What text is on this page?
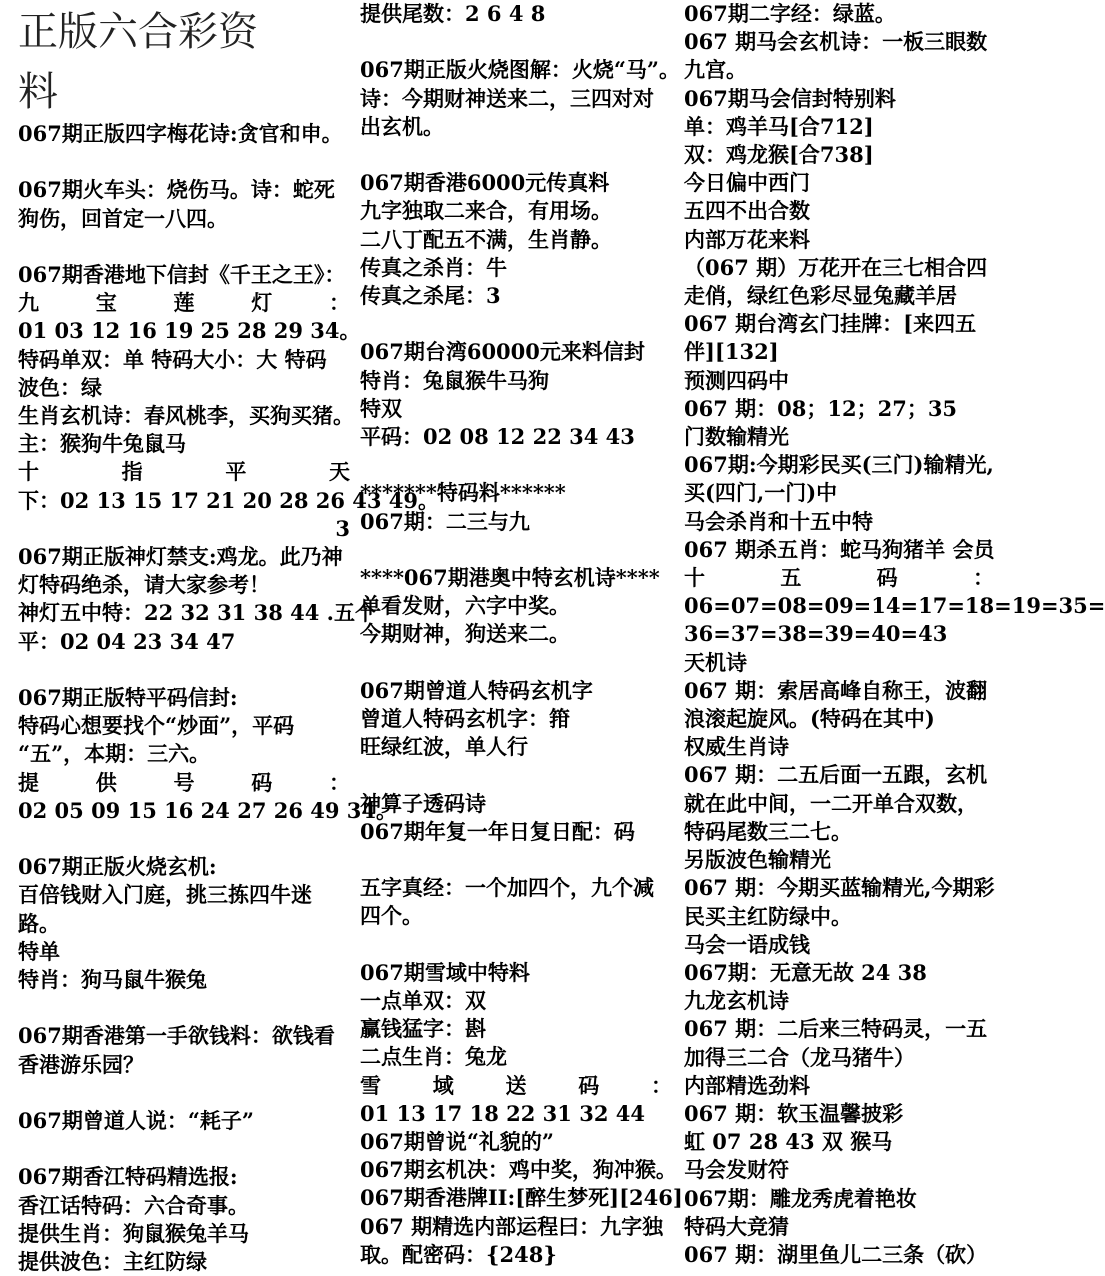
正版六合彩资
料
067期正版四字梅花诗:贪官和申。
067期火车头：烧伤马。诗：蛇死
狗伤，回首定一八四。
067期香港地下信封《千王之王》：
九	宝	莲	灯	：
01 03 12 16 19 25 28 29 34。
特码单双：单 特码大小：大 特码
波色：绿
生肖玄机诗：春风桃李，买狗买猪。
主：猴狗牛兔鼠马
十	指	平	天
下：02 13 15 17 21 20 28 26 43 49。
3
067期正版神灯禁支:鸡龙。此乃神
灯特码绝杀，请大家参考！
神灯五中特：22 32 31 38 44 .五个
平：02 04 23 34 47
067期正版特平码信封:
特码心想要找个“炒面”，平码
“五”，本期：三六。
提	供	号	码	：
02 05 09 15 16 24 27 26 49 34。
067期正版火烧玄机:
百倍钱财入门庭，挑三拣四牛迷
路。
特单
特肖：狗马鼠牛猴兔
067期香港第一手欲钱料：欲钱看
香港游乐园？
067期曾道人说：“耗子”
067期香江特码精选报:
香江话特码：六合奇事。
提供生肖：狗鼠猴兔羊马
提供波色：主红防绿
提供尾数：2 6 4 8
067期正版火烧图解：火烧“马”。
诗：今期财神送来二，三四对对
出玄机。
067期香港6000元传真料
九字独取二来合，有用场。
二八丁配五不满，生肖静。
传真之杀肖：牛
传真之杀尾：3
067期台湾60000元来料信封
特肖：兔鼠猴牛马狗
特双
平码：02 08 12 22 34 43
*******特码料******
067期：二三与九
****067期港奥中特玄机诗****
单看发财，六字中奖。
今期财神，狗送来二。
067期曾道人特码玄机字
曾道人特码玄机字：箝
旺绿红波，单人行
神算子透码诗
067期年复一年日复日配：码
五字真经：一个加四个，九个减
四个。
067期雪域中特料
一点单双：双
赢钱猛字：斟
二点生肖：兔龙
雪 域 送 码 ：
01 13 17 18 22 31 32 44
067期曾说“礼貌的”
067期玄机决：鸡中奖，狗冲猴。
067期香港牌II:[醉生梦死][246]
067 期精选内部运程曰：九字独
取。配密码：{248}
067期二字经：绿蓝。
067 期马会玄机诗：一板三眼数
九宫。
067期马会信封特别料
单：鸡羊马[合712]
双：鸡龙猴[合738]
今日偏中西门
五四不出合数
内部万花来料
（067 期）万花开在三七相合四
走俏，绿红色彩尽显兔藏羊居
067 期台湾玄门挂牌：[来四五
伴][132]
预测四码中
067 期：08；12；27；35
门数输精光
067期:今期彩民买(三门)输精光,
买(四门,一门)中
马会杀肖和十五中特
067 期杀五肖：蛇马狗猪羊 会员
十	五	码	：
06=07=08=09=14=17=18=19=35=
36=37=38=39=40=43
天机诗
067 期：索居高峰自称王，波翻
浪滚起旋风。(特码在其中)
权威生肖诗
067 期：二五后面一五跟，玄机
就在此中间，一二开单合双数，
特码尾数三二七。
另版波色输精光
067 期：今期买蓝输精光,今期彩
民买主红防绿中。
马会一语成钱
067期：无意无故 24 38
九龙玄机诗
067 期：二后来三特码灵，一五
加得三二合（龙马猪牛）
内部精选劲料
067 期：软玉温馨披彩
虹 07 28 43 双 猴马
马会发财符
067期：雕龙秀虎着艳妆
特码大竞猜
067 期：湖里鱼儿二三条（砍）
